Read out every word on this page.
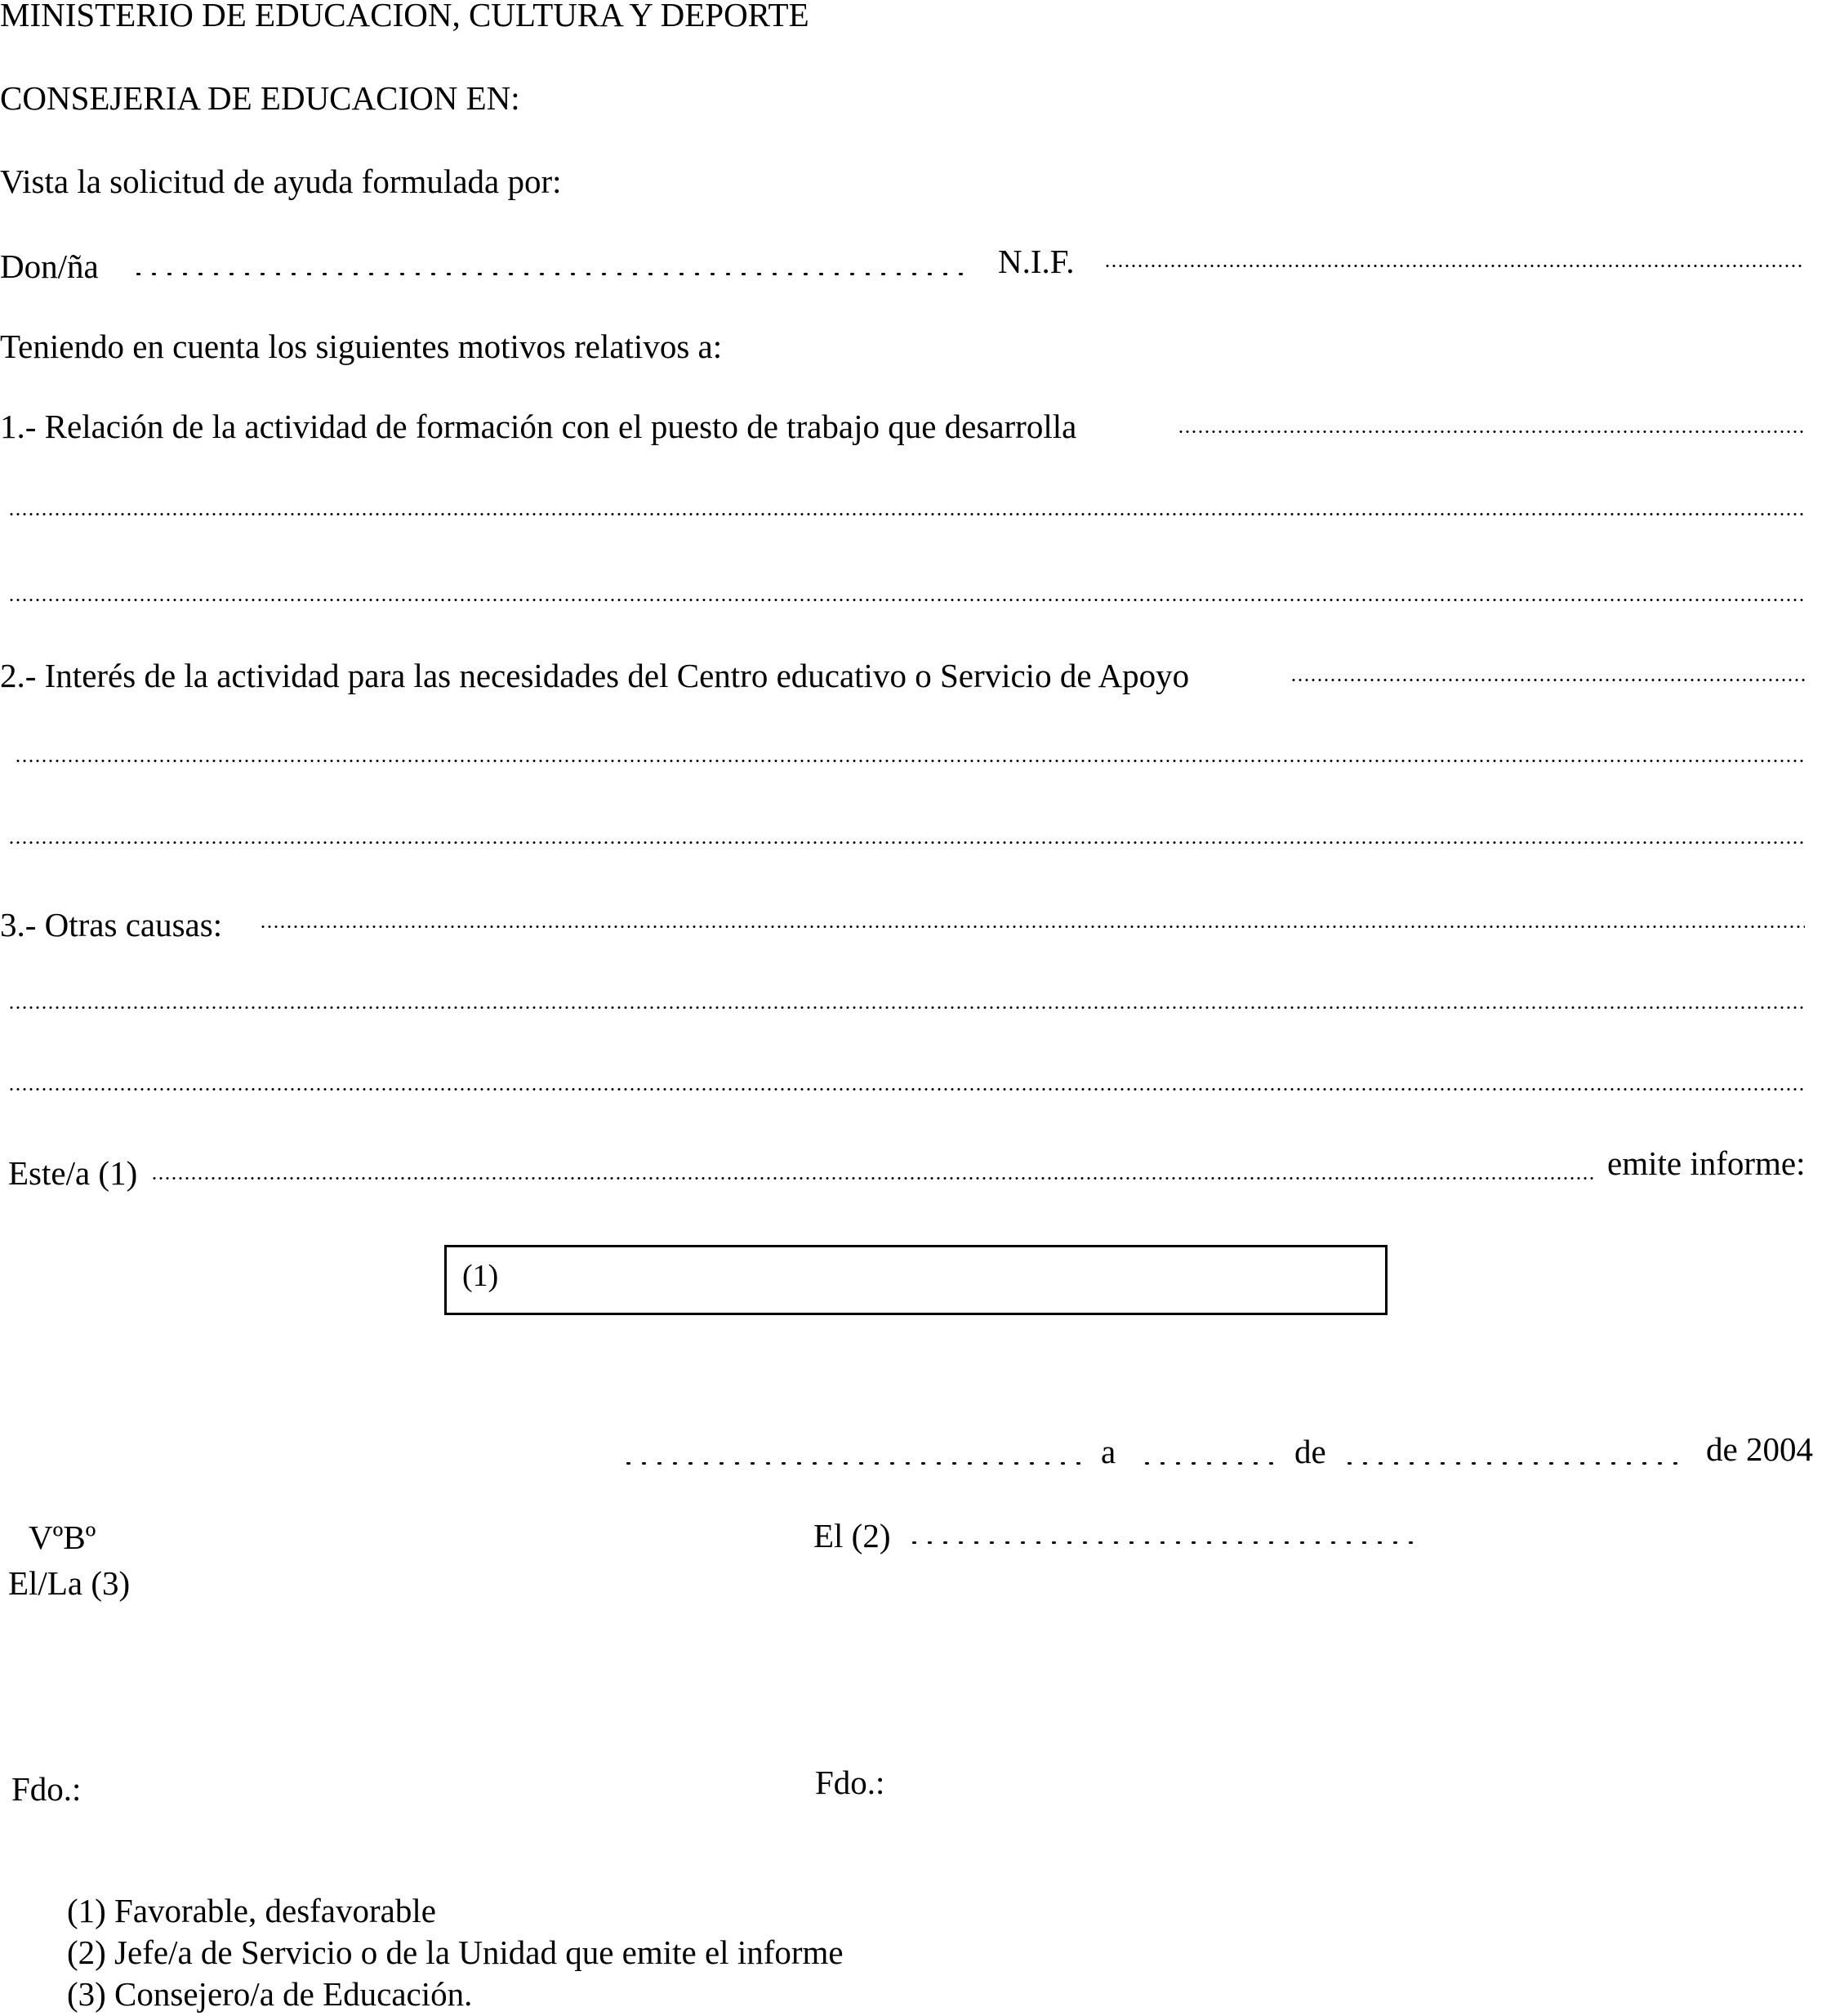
MINISTERIO DE EDUCACION, CULTURA Y DEPORTE
CONSEJERIA DE EDUCACION EN:
Vista la solicitud de ayuda formulada por:
Don/ña	N.I.F.
Teniendo en cuenta los siguientes motivos relativos a:
1.- Relación de la actividad de formación con el puesto de trabajo que desarrolla
2.- Interés de la actividad para las necesidades del Centro educativo o Servicio de Apoyo
3.- Otras causas:
Este/a (1)	emite informe:
(1)
a	de	de 2004
VºBº
El/La (3)
El (2)
Fdo.:	Fdo.:
(1) Favorable, desfavorable
(2) Jefe/a de Servicio o de la Unidad que emite el informe
(3) Consejero/a de Educación.
